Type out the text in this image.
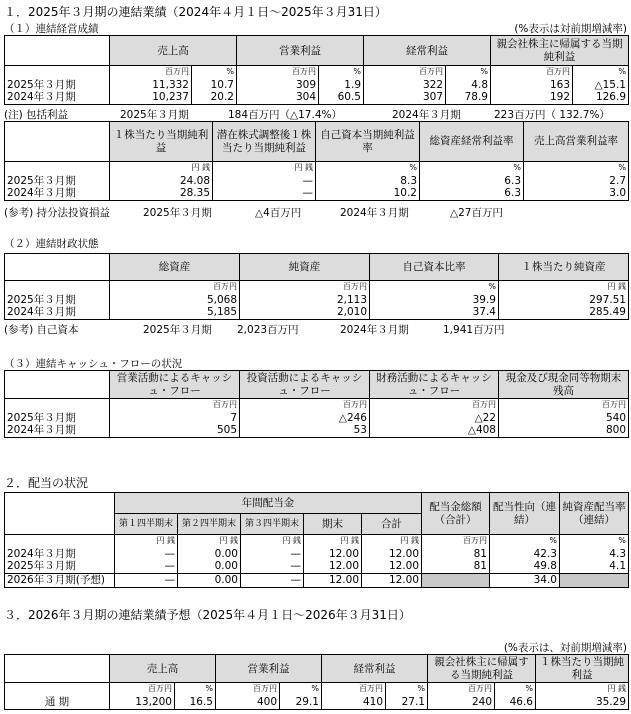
１．2025年３月期の連結業績（2024年４月１日～2025年３月31日）
（１）連結経営成績	(%表示は対前期増減率)
	売上高		営業利益		経常利益		親会社株主に帰属する当期純利益	
	百万円	%	百万円	%	百万円	%	百万円	%
2025年３月期	11,332	10.7	309	1.9	322	4.8	163	△15.1
2024年３月期	10,237	20.2	304	60.5	307	78.9	192	126.9
(注) 包括利益	2025年３月期	184百万円（△17.4%）	2024年３月期	223百万円（ 132.7%）
	１株当たり当期純利益	潜在株式調整後１株当たり当期純利益	自己資本当期純利益率	総資産経常利益率	売上高営業利益率
	円 銭	円 銭	%	%	%
2025年３月期	24.08	—	8.3	6.3	2.7
2024年３月期	28.35	—	10.2	6.3	3.0
(参考) 持分法投資損益	2025年３月期	△4百万円	2024年３月期	△27百万円
（２）連結財政状態
	総資産	純資産	自己資本比率	１株当たり純資産
	百万円	百万円	%	円 銭
2025年３月期	5,068	2,113	39.9	297.51
2024年３月期	5,185	2,010	37.4	285.49
(参考) 自己資本	2025年３月期 2,023百万円	2024年３月期	1,941百万円
（３）連結キャッシュ・フローの状況
	営業活動によるキャッシュ・フロー	投資活動によるキャッシュ・フロー	財務活動によるキャッシュ・フロー	現金及び現金同等物期末残高
	百万円	百万円	百万円	百万円
2025年３月期	7	△246	△22	540
2024年３月期	505	53	△408	800
２．配当の状況
	年間配当金					配当金総額（合計）	配当性向（連結）	純資産配当率（連結）
	第１四半期末	第２四半期末	第３四半期末	期末	合計			
	円 銭	円 銭	円 銭	円 銭	円 銭	百万円	%	%
2024年３月期	—	0.00	—	12.00	12.00	81	42.3	4.3
2025年３月期	—	0.00	—	12.00	12.00	81	49.8	4.1
2026年３月期(予想)	—	0.00	—	12.00	12.00		34.0	
３．2026年３月期の連結業績予想（2025年４月１日～2026年３月31日）
(%表示は、対前期増減率)
	売上高		営業利益		経常利益		親会社株主に帰属する当期純利益		１株当たり当期純利益
	百万円	%	百万円	%	百万円	%	百万円	%	円 銭
通 期	13,200	16.5	400	29.1	410	27.1	240	46.6	35.29
